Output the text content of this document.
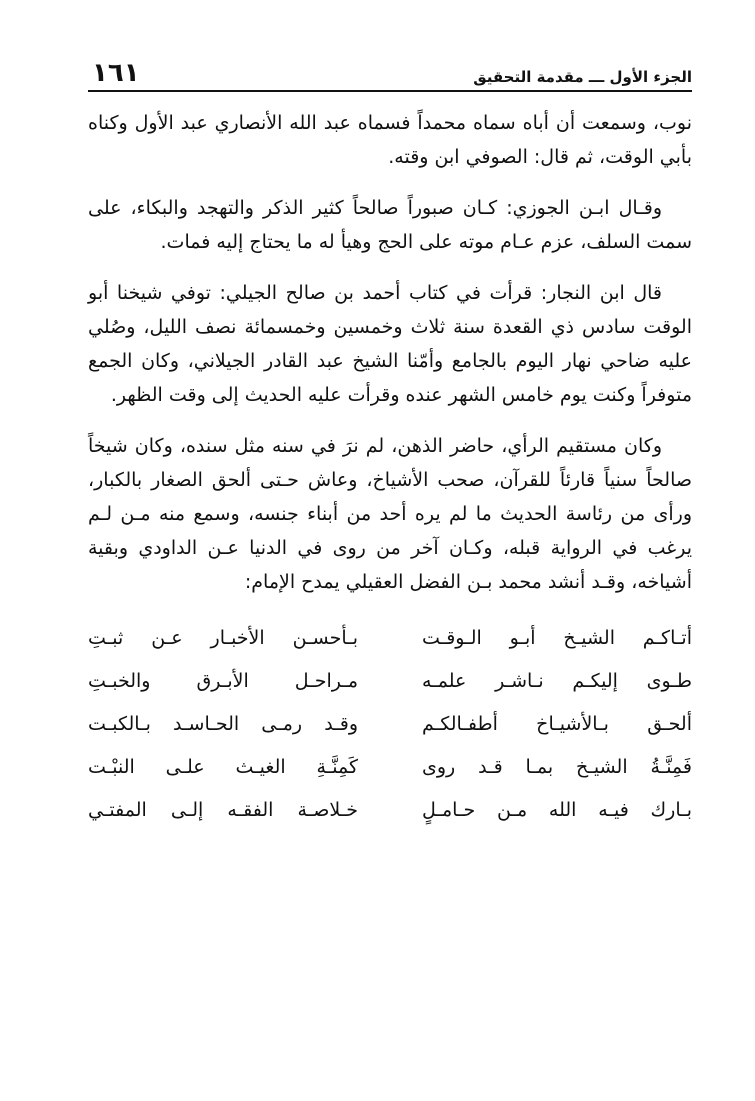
الجزء الأول ـــ مقدمة التحقيق
١٦١

نوب، وسمعت أن أباه سماه محمداً فسماه عبد الله الأنصاري عبد الأول وكناه بأبي الوقت، ثم قال: الصوفي ابن وقته.

وقـال ابـن الجوزي: كـان صبوراً صالحاً كثير الذكر والتهجد والبكاء، على سمت السلف، عزم عـام موته على الحج وهيأ له ما يحتاج إليه فمات.

قال ابن النجار: قرأت في كتاب أحمد بن صالح الجيلي: توفي شيخنا أبو الوقت سادس ذي القعدة سنة ثلاث وخمسين وخمسمائة نصف الليل، وصُلي عليه ضاحي نهار اليوم بالجامع وأمّنا الشيخ عبد القادر الجيلاني، وكان الجمع متوفراً وكنت يوم خامس الشهر عنده وقرأت عليه الحديث إلى وقت الظهر.

وكان مستقيم الرأي، حاضر الذهن، لم نرَ في سنه مثل سنده، وكان شيخاً صالحاً سنياً قارئاً للقرآن، صحب الأشياخ، وعاش حـتى ألحق الصغار بالكبار، ورأى من رئاسة الحديث ما لم يره أحد من أبناء جنسه، وسمع منه مـن لـم يرغب في الرواية قبله، وكـان آخر من روى في الدنيا عـن الداودي وبقية أشياخه، وقـد أنشد محمد بـن الفضل العقيلي يمدح الإمام:

أتـاكـم الشيـخ أبـو الـوقـت
بـأحسـن الأخبـار عـن ثبـتِ
طـوى إليكـم نـاشـر علمـه
مـراحـل الأبـرق والخبـتِ
ألحـق بـالأشيـاخ أطفـالكـم
وقـد رمـى الحـاسـد بـالكبـت
فَمِنَّـةُ الشيـخ بمـا قـد روى
كَمِنَّـةِ الغيـث علـى النبْـت
بـارك فيـه الله مـن حـامـلٍ
خـلاصـة الفقـه إلـى المفتـي
